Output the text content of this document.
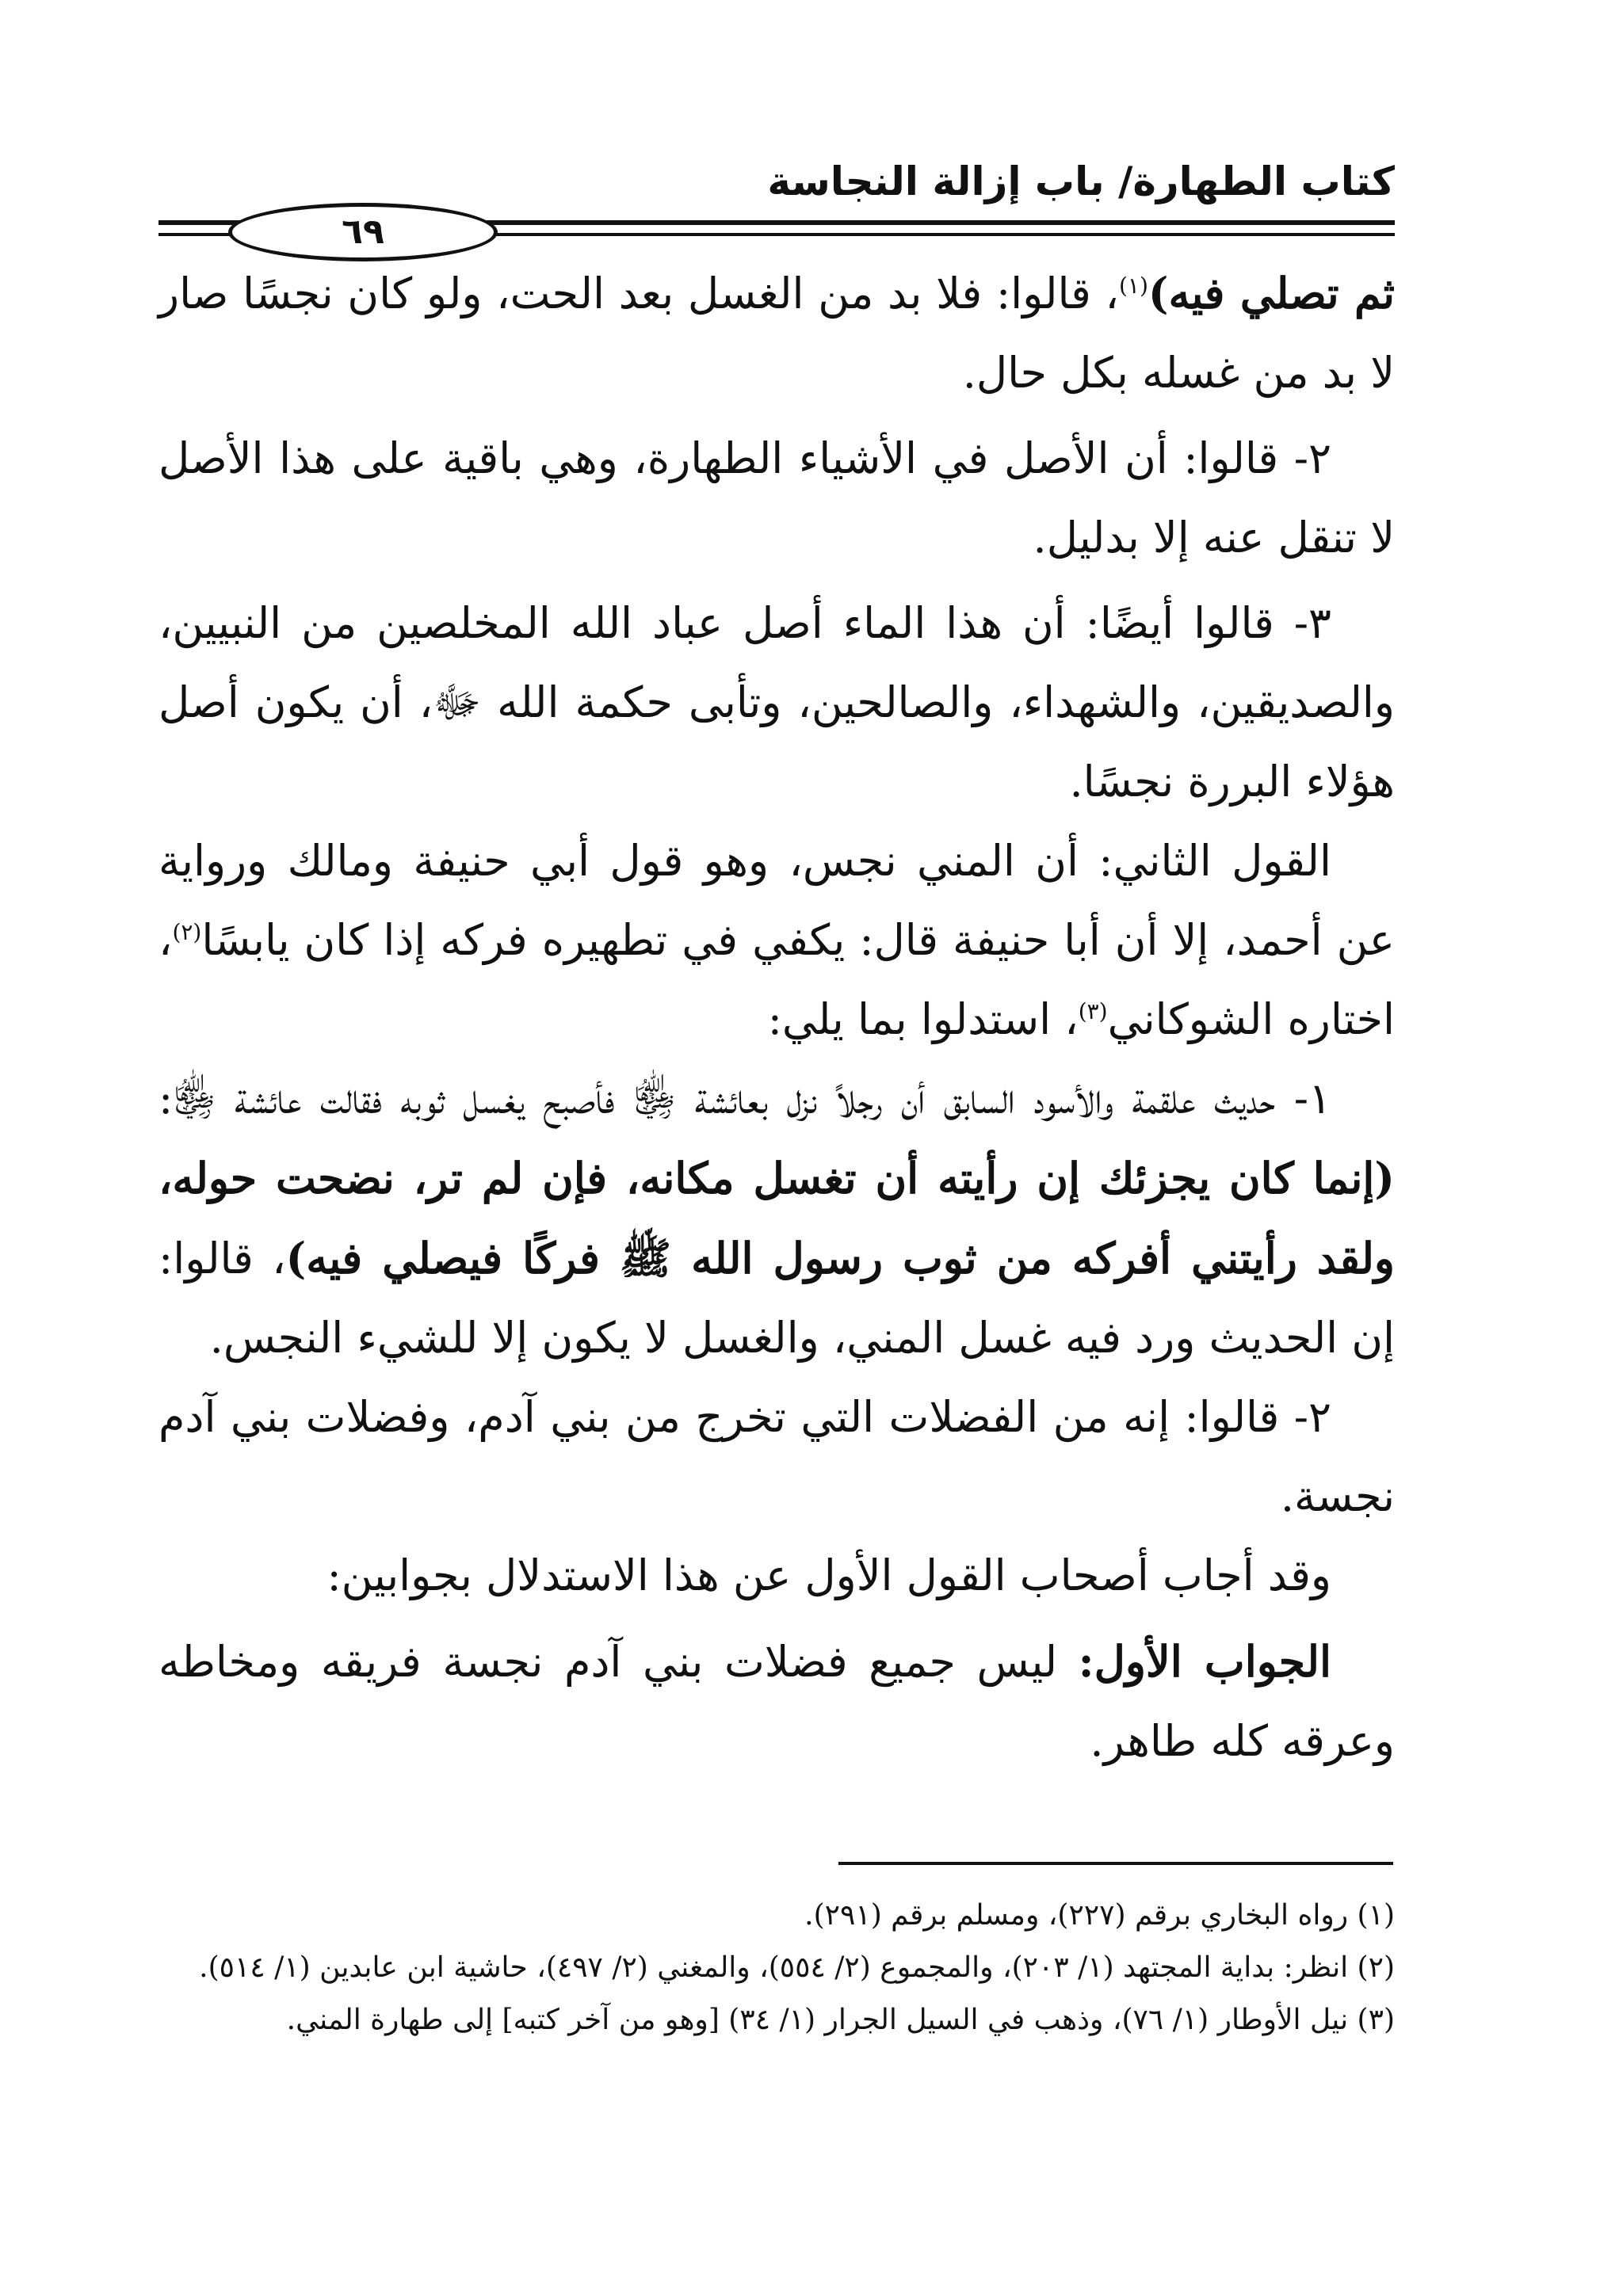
كتاب الطهارة/ باب إزالة النجاسة
٦٩

ثم تصلي فيه)$^{(١)}$، قالوا: فلا بد من الغسل بعد الحت، ولو كان نجسًا صار لا بد من غسله بكل حال.

٢- قالوا: أن الأصل في الأشياء الطهارة، وهي باقية على هذا الأصل لا تنقل عنه إلا بدليل.

٣- قالوا أيضًا: أن هذا الماء أصل عباد الله المخلصين من النبيين، والصديقين، والشهداء، والصالحين، وتأبى حكمة الله ﷻ، أن يكون أصل هؤلاء البررة نجسًا.

القول الثاني: أن المني نجس، وهو قول أبي حنيفة ومالك ورواية عن أحمد، إلا أن أبا حنيفة قال: يكفي في تطهيره فركه إذا كان يابسًا$^{(٢)}$، اختاره الشوكاني$^{(٣)}$، استدلوا بما يلي:

١- حديث علقمة والأسود السابق أن رجلاً نزل بعائشة ﵂ فأصبح يغسل ثوبه فقالت عائشة ﵂: (إنما كان يجزئك إن رأيته أن تغسل مكانه، فإن لم تر، نضحت حوله، ولقد رأيتني أفركه من ثوب رسول الله ﷺ فركًا فيصلي فيه)، قالوا: إن الحديث ورد فيه غسل المني، والغسل لا يكون إلا للشيء النجس.

٢- قالوا: إنه من الفضلات التي تخرج من بني آدم، وفضلات بني آدم نجسة.

وقد أجاب أصحاب القول الأول عن هذا الاستدلال بجوابين:

الجواب الأول: ليس جميع فضلات بني آدم نجسة فريقه ومخاطه وعرقه كله طاهر.

(١) رواه البخاري برقم (٢٢٧)، ومسلم برقم (٢٩١).

(٢) انظر: بداية المجتهد (١/ ٢٠٣)، والمجموع (٢/ ٥٥٤)، والمغني (٢/ ٤٩٧)، حاشية ابن عابدين (١/ ٥١٤).

(٣) نيل الأوطار (١/ ٧٦)، وذهب في السيل الجرار (١/ ٣٤) [وهو من آخر كتبه] إلى طهارة المني.
